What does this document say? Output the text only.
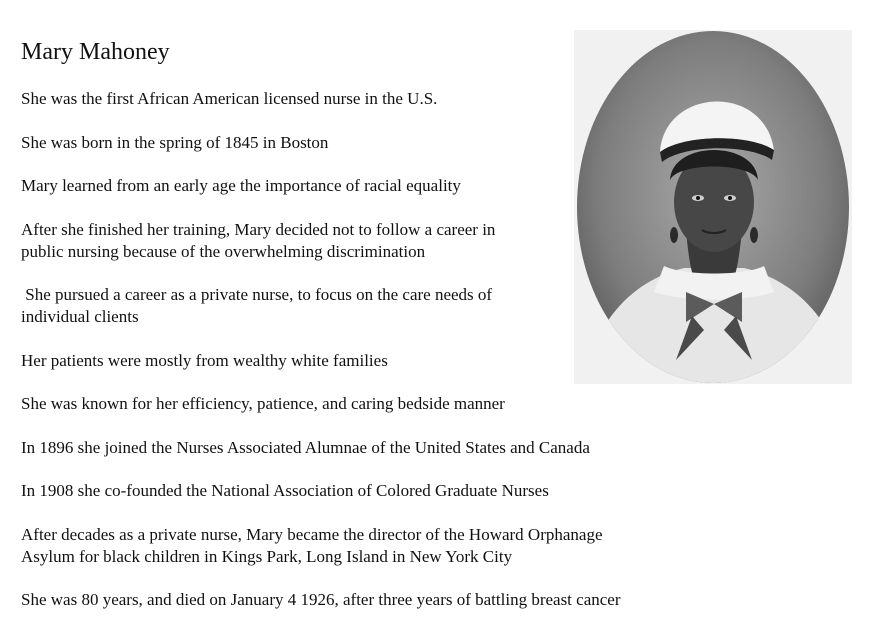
Mary Mahoney
She was the first African American licensed nurse in the U.S.
She was born in the spring of 1845 in Boston
Mary learned from an early age the importance of racial equality
After she finished her training, Mary decided not to follow a career in
public nursing because of the overwhelming discrimination
She pursued a career as a private nurse, to focus on the care needs of
individual clients
Her patients were mostly from wealthy white families
She was known for her efficiency, patience, and caring bedside manner
In 1896 she joined the Nurses Associated Alumnae of the United States and Canada
In 1908 she co-founded the National Association of Colored Graduate Nurses
After decades as a private nurse, Mary became the director of the Howard Orphanage
Asylum for black children in Kings Park, Long Island in New York City
She was 80 years, and died on January 4 1926, after three years of battling breast cancer
